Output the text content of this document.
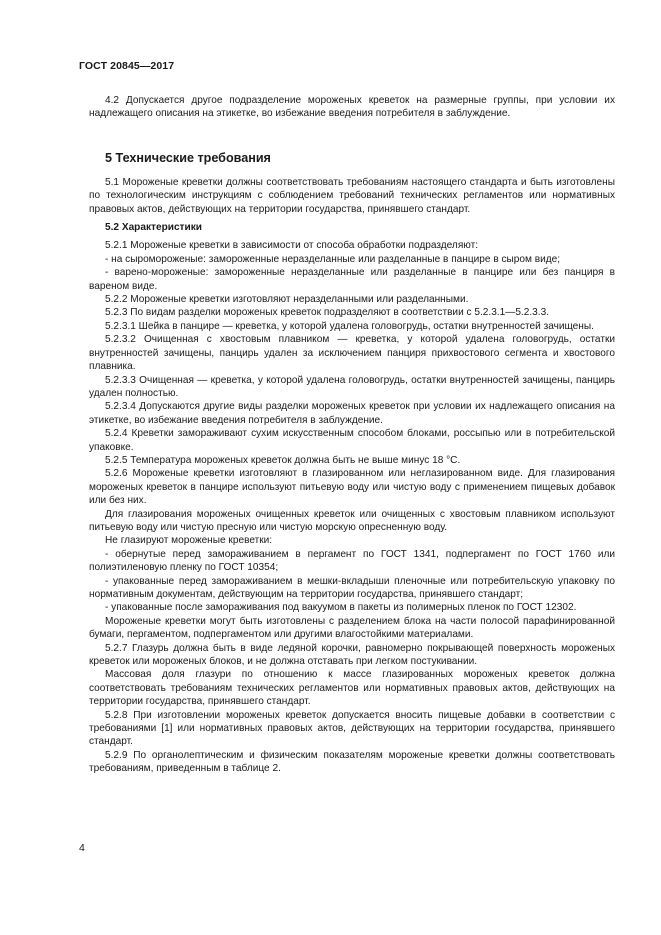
ГОСТ 20845—2017

4.2 Допускается другое подразделение мороженых креветок на размерные группы, при условии их надлежащего описания на этикетке, во избежание введения потребителя в заблуждение.

5 Технические требования

5.1 Мороженые креветки должны соответствовать требованиям настоящего стандарта и быть изготовлены по технологическим инструкциям с соблюдением требований технических регламентов или нормативных правовых актов, действующих на территории государства, принявшего стандарт.

5.2 Характеристики

5.2.1 Мороженые креветки в зависимости от способа обработки подразделяют:

- на сыромороженые: замороженные неразделанные или разделанные в панцире в сыром виде;

- варено-мороженые: замороженные неразделанные или разделанные в панцире или без панциря в вареном виде.

5.2.2 Мороженые креветки изготовляют неразделанными или разделанными.

5.2.3 По видам разделки мороженых креветок подразделяют в соответствии с 5.2.3.1—5.2.3.3.

5.2.3.1 Шейка в панцире — креветка, у которой удалена головогрудь, остатки внутренностей зачищены.

5.2.3.2 Очищенная с хвостовым плавником — креветка, у которой удалена головогрудь, остатки внутренностей зачищены, панцирь удален за исключением панциря прихвостового сегмента и хвостового плавника.

5.2.3.3 Очищенная — креветка, у которой удалена головогрудь, остатки внутренностей зачищены, панцирь удален полностью.

5.2.3.4 Допускаются другие виды разделки мороженых креветок при условии их надлежащего описания на этикетке, во избежание введения потребителя в заблуждение.

5.2.4 Креветки замораживают сухим искусственным способом блоками, россыпью или в потребительской упаковке.

5.2.5 Температура мороженых креветок должна быть не выше минус 18 °С.

5.2.6 Мороженые креветки изготовляют в глазированном или неглазированном виде. Для глазирования мороженых креветок в панцире используют питьевую воду или чистую воду с применением пищевых добавок или без них.

Для глазирования мороженых очищенных креветок или очищенных с хвостовым плавником используют питьевую воду или чистую пресную или чистую морскую опресненную воду.

Не глазируют мороженые креветки:

- обернутые перед замораживанием в пергамент по ГОСТ 1341, подпергамент по ГОСТ 1760 или полиэтиленовую пленку по ГОСТ 10354;

- упакованные перед замораживанием в мешки-вкладыши пленочные или потребительскую упаковку по нормативным документам, действующим на территории государства, принявшего стандарт;

- упакованные после замораживания под вакуумом в пакеты из полимерных пленок по ГОСТ 12302.

Мороженые креветки могут быть изготовлены с разделением блока на части полосой парафинированной бумаги, пергаментом, подпергаментом или другими влагостойкими материалами.

5.2.7 Глазурь должна быть в виде ледяной корочки, равномерно покрывающей поверхность мороженых креветок или мороженых блоков, и не должна отставать при легком постукивании.

Массовая доля глазури по отношению к массе глазированных мороженых креветок должна соответствовать требованиям технических регламентов или нормативных правовых актов, действующих на территории государства, принявшего стандарт.

5.2.8 При изготовлении мороженых креветок допускается вносить пищевые добавки в соответствии с требованиями [1] или нормативных правовых актов, действующих на территории государства, принявшего стандарт.

5.2.9 По органолептическим и физическим показателям мороженые креветки должны соответствовать требованиям, приведенным в таблице 2.

4
